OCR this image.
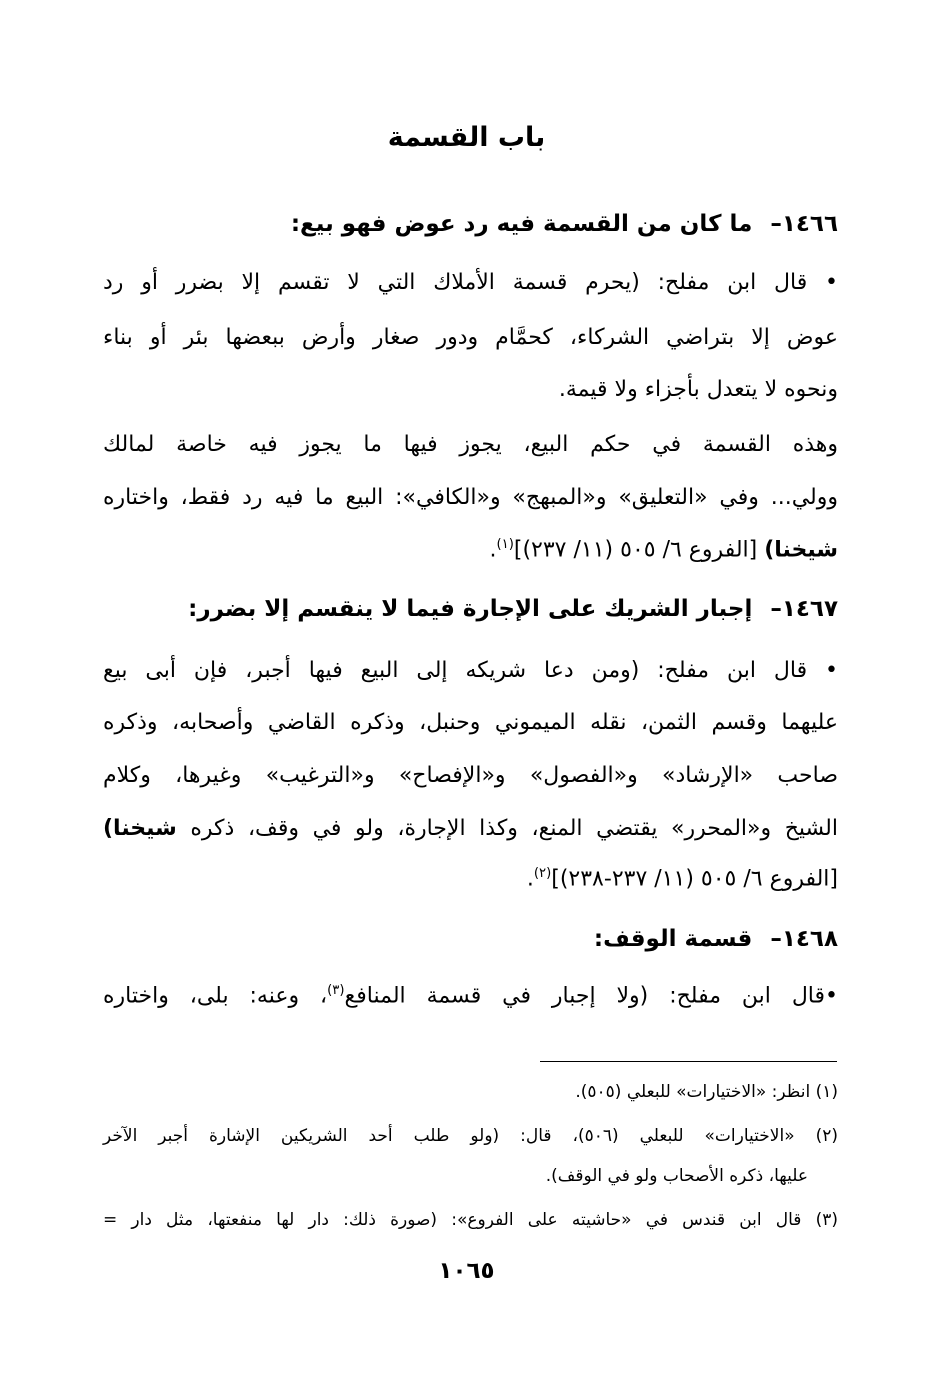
باب القسمة
١٤٦٦–ما كان من القسمة فيه رد عوض فهو بيع:
• قال ابن مفلح: (يحرم قسمة الأملاك التي لا تقسم إلا بضرر أو رد
عوض إلا بتراضي الشركاء، كحمَّام ودور صغار وأرض ببعضها بئر أو بناء
ونحوه لا يتعدل بأجزاء ولا قيمة.
وهذه القسمة في حكم البيع، يجوز فيها ما يجوز فيه خاصة لمالك
وولي... وفي «التعليق» و«المبهج» و«الكافي»: البيع ما فيه رد فقط، واختاره
شيخنا) [الفروع ٦/ ٥٠٥ (١١/ ٢٣٧)]$^{(١)}$.
١٤٦٧–إجبار الشريك على الإجارة فيما لا ينقسم إلا بضرر:
• قال ابن مفلح: (ومن دعا شريكه إلى البيع فيها أجبر، فإن أبى بيع
عليهما وقسم الثمن، نقله الميموني وحنبل، وذكره القاضي وأصحابه، وذكره
صاحب «الإرشاد» و«الفصول» و«الإفصاح» و«الترغيب» وغيرها، وكلام
الشيخ و«المحرر» يقتضي المنع، وكذا الإجارة، ولو في وقف، ذكره شيخنا)
[الفروع ٦/ ٥٠٥ (١١/ ٢٣٧-٢٣٨)]$^{(٢)}$.
١٤٦٨–قسمة الوقف:
•قال ابن مفلح: (ولا إجبار في قسمة المنافع$^{(٣)}$، وعنه: بلى، واختاره
(١) انظر: «الاختيارات» للبعلي (٥٠٥).
(٢) «الاختيارات» للبعلي (٥٠٦)، قال: (ولو طلب أحد الشريكين الإشارة أجبر الآخر
عليها، ذكره الأصحاب ولو في الوقف).
(٣) قال ابن قندس في «حاشيته على الفروع»: (صورة ذلك: دار لها منفعتها، مثل دار =
١٠٦٥
